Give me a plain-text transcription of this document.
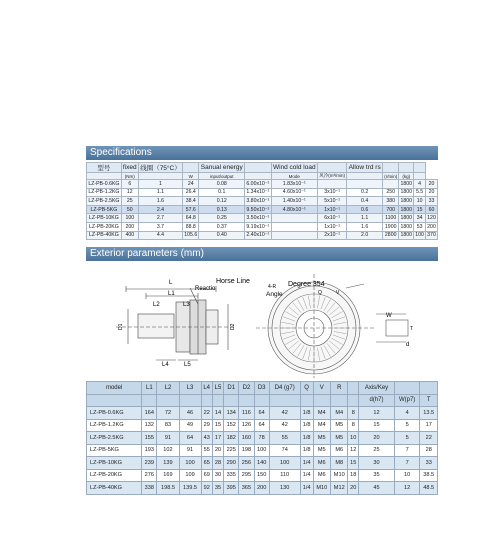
Specifications
型号	fixed	线圈（75°C）		Sanual energy		Wind cold load		Allow trd rs				
	(Nm)		W	input/output		Mode	风冷(m³/min)		(r/min)	(kg)		
LZ-PB-0.6KG	6	1	24	0.08	6.00x10⁻¹	1.83x10⁻¹				1800	4	20
LZ-PB-1.2KG	12	1.1	26.4	0.1	1.34x10⁻¹	4.60x10⁻¹	3x10⁻¹	0.2	250	1800	5.5	20
LZ-PB-2.5KG	25	1.6	38.4	0.12	3.80x10⁻¹	1.40x10⁻¹	5x10⁻¹	0.4	380	1800	10	33
LZ-PB-5KG	50	2.4	57.6	0.13	9.50x10⁻¹	4.80x10⁻¹	1x10⁻¹	0.6	700	1800	15	60
LZ-PB-10KG	100	2.7	64.8	0.25	3.50x10⁻¹		6x10⁻¹	1.1	1100	1800	34	120
LZ-PB-20KG	200	3.7	88.8	0.37	9.19x10⁻¹		1x10⁻¹	1.6	1900	1800	53	200
LZ-PB-40KG	400	4.4	105.6	0.40	2.40x10⁻¹		2x10⁻¹	2.0	2800	1800	100	370
Exterior parameters (mm)
L
L1
L2	L3
Reactio
Horse Line
L4	L5
D1	D2
Angle
4-R Degree 354
V
Q
W
d
T
model	L1	L2	L3	L4	L5	D1	D2	D3	D4 (g7)	Q	V	R		Axis/Key		
														d(h7)	W(p7)	T
LZ-PB-0.6KG	164	72	46	22	14	134	116	64	42	1/8	M4	M4	8	12	4	13.5
LZ-PB-1.2KG	132	83	49	29	15	152	126	64	42	1/8	M4	M5	8	15	5	17
LZ-PB-2.5KG	155	91	64	43	17	182	160	78	55	1/8	M5	M5	10	20	5	22
LZ-PB-5KG	193	102	91	55	20	225	198	100	74	1/8	M5	M6	12	25	7	28
LZ-PB-10KG	239	139	100	65	28	290	256	140	100	1/4	M6	M8	15	30	7	33
LZ-PB-20KG	276	169	109	69	30	335	295	150	110	1/4	M6	M10	18	35	10	38.5
LZ-PB-40KG	338	198.5	139.5	92	35	395	365	200	130	1/4	M10	M12	20	45	12	48.5
